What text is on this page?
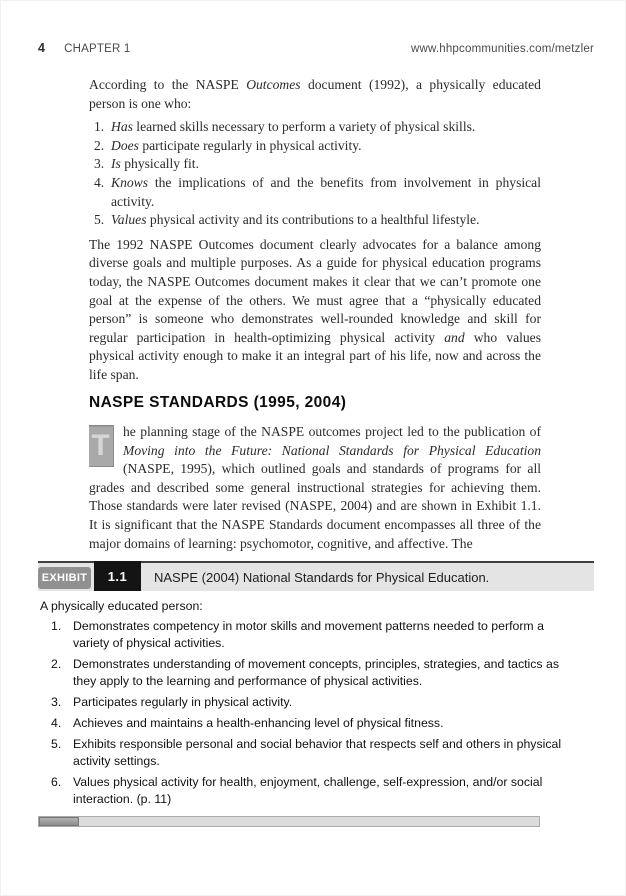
4 CHAPTER 1	www.hhpcommunities.com/metzler

According to the NASPE Outcomes document (1992), a physically educated person is one who:

1. Has learned skills necessary to perform a variety of physical skills.
2. Does participate regularly in physical activity.
3. Is physically fit.
4. Knows the implications of and the benefits from involvement in physical activity.
5. Values physical activity and its contributions to a healthful lifestyle.

The 1992 NASPE Outcomes document clearly advocates for a balance among diverse goals and multiple purposes. As a guide for physical education programs today, the NASPE Outcomes document makes it clear that we can’t promote one goal at the expense of the others. We must agree that a “physically educated person” is someone who demonstrates well-rounded knowledge and skill for regular participation in health-optimizing physical activity and who values physical activity enough to make it an integral part of his life, now and across the life span.

NASPE STANDARDS (1995, 2004)

T he planning stage of the NASPE outcomes project led to the publication of Moving into the Future: National Standards for Physical Education (NASPE, 1995), which outlined goals and standards of programs for all grades and described some general instructional strategies for achieving them. Those standards were later revised (NASPE, 2004) and are shown in Exhibit 1.1. It is significant that the NASPE Standards document encompasses all three of the major domains of learning: psychomotor, cognitive, and affective. The

EXHIBIT	1.1	NASPE (2004) National Standards for Physical Education.

A physically educated person:

1. Demonstrates competency in motor skills and movement patterns needed to perform a variety of physical activities.
2. Demonstrates understanding of movement concepts, principles, strategies, and tactics as they apply to the learning and performance of physical activities.
3. Participates regularly in physical activity.
4. Achieves and maintains a health-enhancing level of physical fitness.
5. Exhibits responsible personal and social behavior that respects self and others in physical activity settings.
6. Values physical activity for health, enjoyment, challenge, self-expression, and/or social interaction. (p. 11)
